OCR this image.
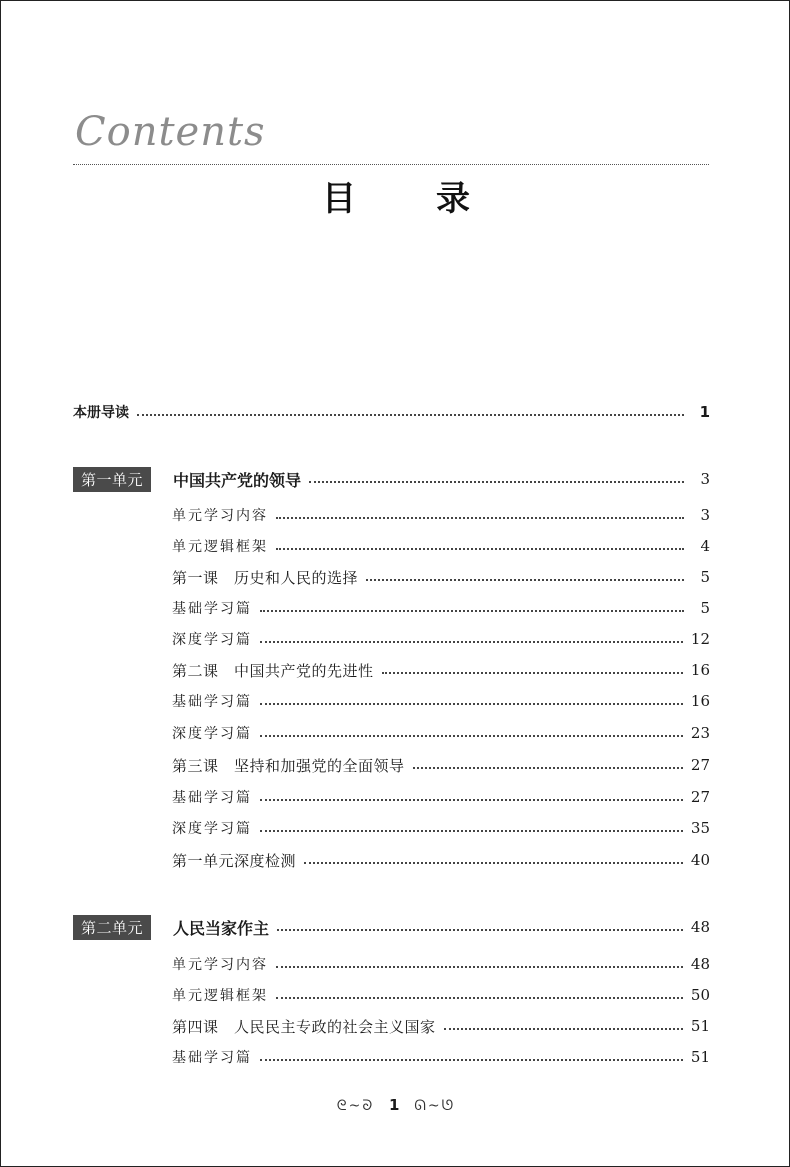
Contents
目录
本册导读	1
第一单元	中国共产党的领导	3
单元学习内容	3
单元逻辑框架	4
第一课　历史和人民的选择	5
基础学习篇	5
深度学习篇	12
第二课　中国共产党的先进性	16
基础学习篇	16
深度学习篇	23
第三课　坚持和加强党的全面领导	27
基础学习篇	27
深度学习篇	35
第一单元深度检测	40
第二单元	人民当家作主	48
单元学习内容	48
单元逻辑框架	50
第四课　人民民主专政的社会主义国家	51
基础学习篇	51
ᘓ~ᘐ 1 ᘏ~ᘎ
